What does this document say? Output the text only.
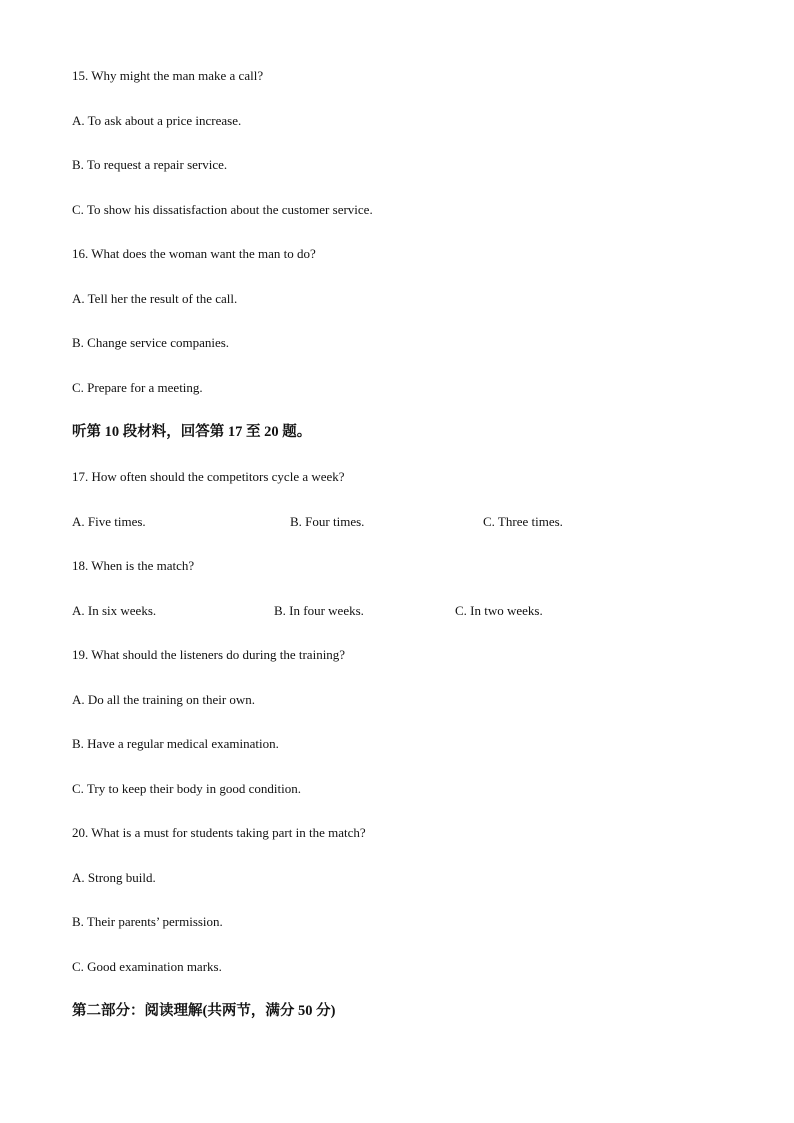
15. Why might the man make a call?
A. To ask about a price increase.
B. To request a repair service.
C. To show his dissatisfaction about the customer service.
16. What does the woman want the man to do?
A. Tell her the result of the call.
B. Change service companies.
C. Prepare for a meeting.
听第 10 段材料，回答第 17 至 20 题。
17. How often should the competitors cycle a week?
A. Five times.	B. Four times.	C. Three times.
18. When is the match?
A. In six weeks.	B. In four weeks.	C. In two weeks.
19. What should the listeners do during the training?
A. Do all the training on their own.
B. Have a regular medical examination.
C. Try to keep their body in good condition.
20. What is a must for students taking part in the match?
A. Strong build.
B. Their parents’ permission.
C. Good examination marks.
第二部分：阅读理解(共两节，满分 50 分)
